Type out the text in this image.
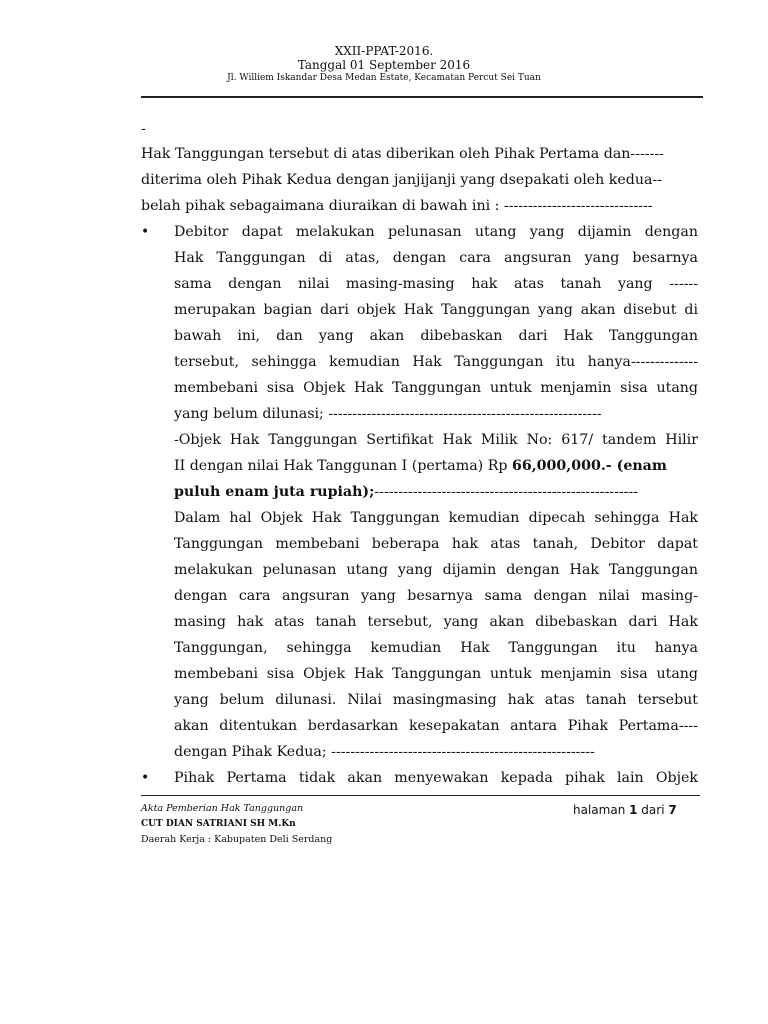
XXII-PPAT-2016.
Tanggal 01 September 2016
Jl. Williem Iskandar Desa Medan Estate, Kecamatan Percut Sei Tuan
-
Hak Tanggungan tersebut di atas diberikan oleh Pihak Pertama dan-------
diterima oleh Pihak Kedua dengan janjijanji yang dsepakati oleh kedua--
belah pihak sebagaimana diuraikan di bawah ini : -------------------------------
• Debitor dapat melakukan pelunasan utang yang dijamin dengan
Hak Tanggungan di atas, dengan cara angsuran yang besarnya
sama dengan nilai masing-masing hak atas tanah yang ------
merupakan bagian dari objek Hak Tanggungan yang akan disebut di
bawah ini, dan yang akan dibebaskan dari Hak Tanggungan
tersebut, sehingga kemudian Hak Tanggungan itu hanya--------------
membebani sisa Objek Hak Tanggungan untuk menjamin sisa utang
yang belum dilunasi; ---------------------------------------------------------
-Objek Hak Tanggungan Sertifikat Hak Milik No: 617/ tandem Hilir
II dengan nilai Hak Tanggunan I (pertama) Rp 66,000,000.- (enam
puluh enam juta rupiah);-------------------------------------------------------
Dalam hal Objek Hak Tanggungan kemudian dipecah sehingga Hak
Tanggungan membebani beberapa hak atas tanah, Debitor dapat
melakukan pelunasan utang yang dijamin dengan Hak Tanggungan
dengan cara angsuran yang besarnya sama dengan nilai masing-
masing hak atas tanah tersebut, yang akan dibebaskan dari Hak
Tanggungan, sehingga kemudian Hak Tanggungan itu hanya
membebani sisa Objek Hak Tanggungan untuk menjamin sisa utang
yang belum dilunasi. Nilai masingmasing hak atas tanah tersebut
akan ditentukan berdasarkan kesepakatan antara Pihak Pertama----
dengan Pihak Kedua; -------------------------------------------------------
• Pihak Pertama tidak akan menyewakan kepada pihak lain Objek
Akta Pemberian Hak Tanggungan
CUT DIAN SATRIANI SH M.Kn
Daerah Kerja : Kabupaten Deli Serdang
halaman 1 dari 7
